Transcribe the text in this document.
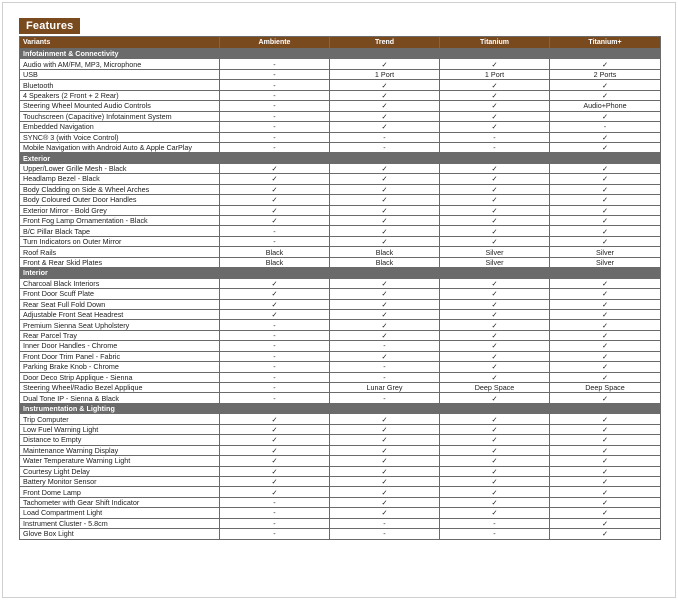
Features
Variants	Ambiente	Trend	Titanium	Titanium+
Infotainment & Connectivity				
Audio with AM/FM, MP3, Microphone	-	✓	✓	✓
USB	-	1 Port	1 Port	2 Ports
Bluetooth	-	✓	✓	✓
4 Speakers (2 Front + 2 Rear)	-	✓	✓	✓
Steering Wheel Mounted Audio Controls	-	✓	✓	Audio+Phone
Touchscreen (Capacitive) Infotainment System	-	✓	✓	✓
Embedded Navigation	-	✓	✓	-
SYNC® 3 (with Voice Control)	-	-	-	✓
Mobile Navigation with Android Auto & Apple CarPlay	-	-	-	✓
Exterior				
Upper/Lower Grille Mesh - Black	✓	✓	✓	✓
Headlamp Bezel - Black	✓	✓	✓	✓
Body Cladding on Side & Wheel Arches	✓	✓	✓	✓
Body Coloured Outer Door Handles	✓	✓	✓	✓
Exterior Mirror - Bold Grey	✓	✓	✓	✓
Front Fog Lamp Ornamentation - Black	✓	✓	✓	✓
B/C Pillar Black Tape	-	✓	✓	✓
Turn Indicators on Outer Mirror	-	✓	✓	✓
Roof Rails	Black	Black	Silver	Silver
Front & Rear Skid Plates	Black	Black	Silver	Silver
Interior				
Charcoal Black Interiors	✓	✓	✓	✓
Front Door Scuff Plate	✓	✓	✓	✓
Rear Seat Full Fold Down	✓	✓	✓	✓
Adjustable Front Seat Headrest	✓	✓	✓	✓
Premium Sienna Seat Upholstery	-	✓	✓	✓
Rear Parcel Tray	-	✓	✓	✓
Inner Door Handles - Chrome	-	-	✓	✓
Front Door Trim Panel - Fabric	-	✓	✓	✓
Parking Brake Knob - Chrome	-	-	✓	✓
Door Deco Strip Applique - Sienna	-	-	✓	✓
Steering Wheel/Radio Bezel Applique	-	Lunar Grey	Deep Space	Deep Space
Dual Tone IP - Sienna & Black	-	-	✓	✓
Instrumentation & Lighting				
Trip Computer	✓	✓	✓	✓
Low Fuel Warning Light	✓	✓	✓	✓
Distance to Empty	✓	✓	✓	✓
Maintenance Warning Display	✓	✓	✓	✓
Water Temperature Warning Light	✓	✓	✓	✓
Courtesy Light Delay	✓	✓	✓	✓
Battery Monitor Sensor	✓	✓	✓	✓
Front Dome Lamp	✓	✓	✓	✓
Tachometer with Gear Shift Indicator	-	✓	✓	✓
Load Compartment Light	-	✓	✓	✓
Instrument Cluster - 5.8cm	-	-	-	✓
Glove Box Light	-	-	-	✓
